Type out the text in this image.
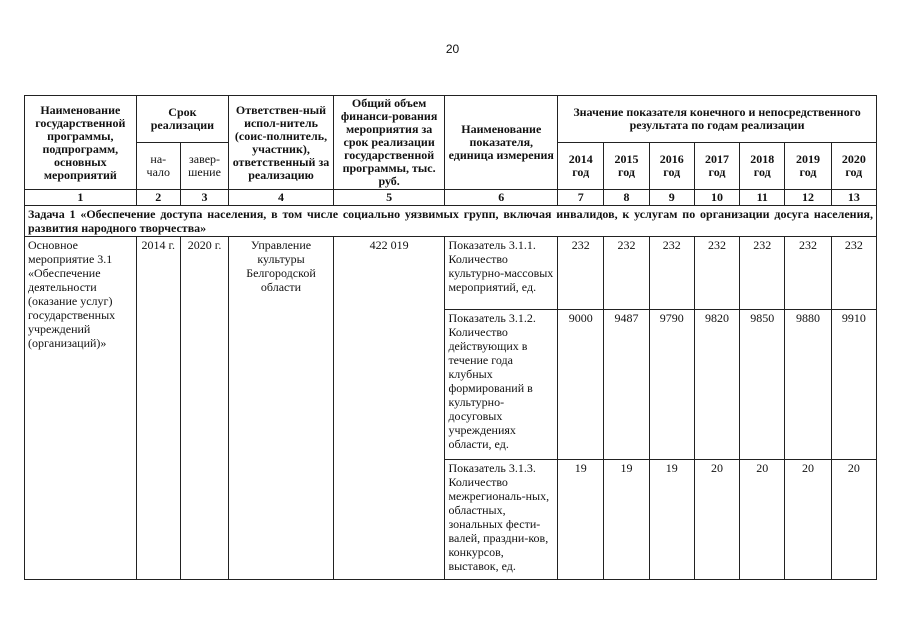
20
Наименование государственной программы, подпрограмм, основных мероприятий	Срок реализации		Ответствен-ный испол-нитель (соис-полнитель, участник), ответственный за реализацию	Общий объем финанси-рования мероприятия за срок реализации государственной программы, тыс. руб.	Наименование показателя, единица измерения	Значение показателя конечного и непосредственного результата по годам реализации						
	на-чало	завер-шение				2014 год	2015 год	2016 год	2017 год	2018 год	2019 год	2020 год
1	2	3	4	5	6	7	8	9	10	11	12	13
Задача 1 «Обеспечение доступа населения, в том числе социально уязвимых групп, включая инвалидов, к услугам по организации досуга населения, развития народного творчества»												
Основное мероприятие 3.1 «Обеспечение деятельности (оказание услуг) государственных учреждений (организаций)»	2014 г.	2020 г.	Управление культуры Белгородской области	422 019	Показатель 3.1.1. Количество культурно-массовых мероприятий, ед.	232	232	232	232	232	232	232
					Показатель 3.1.2. Количество действующих в течение года клубных формирований в культурно-досуговых учреждениях области, ед.	9000	9487	9790	9820	9850	9880	9910
					Показатель 3.1.3. Количество межрегиональ-ных, областных, зональных фести-валей, праздни-ков, конкурсов, выставок, ед.	19	19	19	20	20	20	20
